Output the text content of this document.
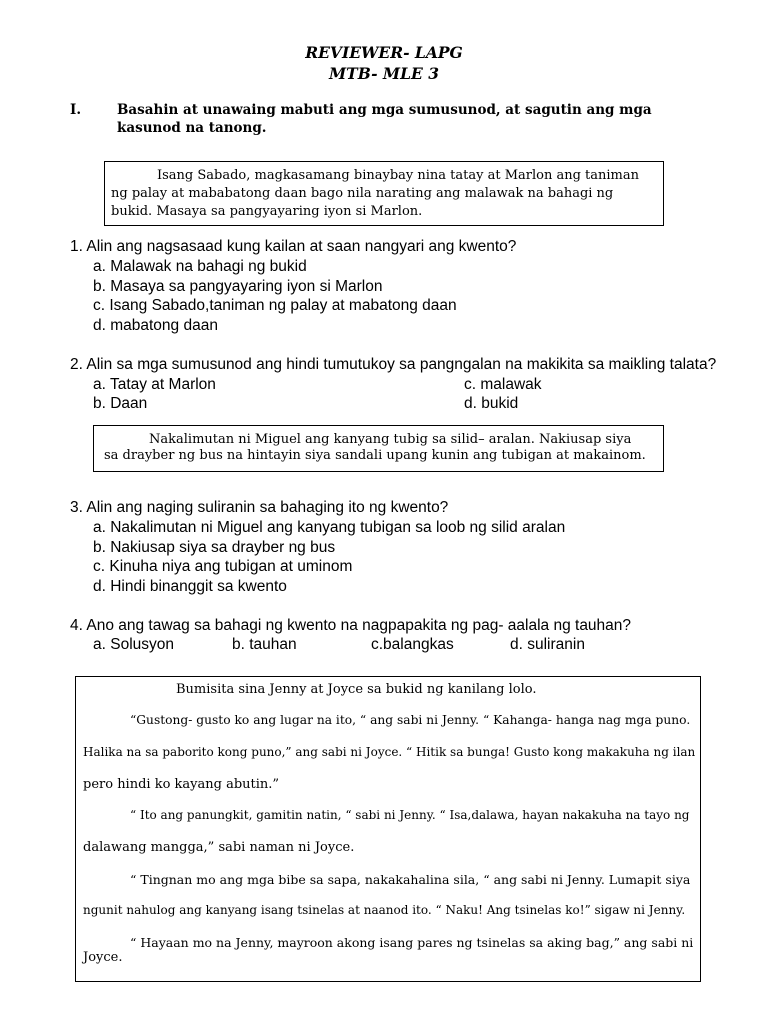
REVIEWER- LAPG
MTB- MLE 3
I.	Basahin at unawaing mabuti ang mga sumusunod, at sagutin ang mga kasunod na tanong.
Isang Sabado, magkasamang binaybay nina tatay at Marlon ang taniman
ng palay at mababatong daan bago nila narating ang malawak na bahagi ng
bukid. Masaya sa pangyayaring iyon si Marlon.
1. Alin ang nagsasaad kung kailan at saan nangyari ang kwento?
a. Malawak na bahagi ng bukid
b. Masaya sa pangyayaring iyon si Marlon
c. Isang Sabado,taniman ng palay at mabatong daan
d. mabatong daan
2. Alin sa mga sumusunod ang hindi tumutukoy sa pangngalan na makikita sa maikling talata?
a. Tatay at Marlon
b. Daan
c. malawak
d. bukid
Nakalimutan ni Miguel ang kanyang tubig sa silid– aralan. Nakiusap siya
sa drayber ng bus na hintayin siya sandali upang kunin ang tubigan at makainom.
3. Alin ang naging suliranin sa bahaging ito ng kwento?
a. Nakalimutan ni Miguel ang kanyang tubigan sa loob ng silid aralan
b. Nakiusap siya sa drayber ng bus
c. Kinuha niya ang tubigan at uminom
d. Hindi binanggit sa kwento
4. Ano ang tawag sa bahagi ng kwento na nagpapakita ng pag- aalala ng tauhan?
a. Solusyon	b. tauhan	c.balangkas	d. suliranin
Bumisita sina Jenny at Joyce sa bukid ng kanilang lolo.
“Gustong- gusto ko ang lugar na ito, “ ang sabi ni Jenny. “ Kahanga- hanga nag mga puno.
Halika na sa paborito kong puno,” ang sabi ni Joyce. “ Hitik sa bunga! Gusto kong makakuha ng ilan
pero hindi ko kayang abutin.”
“ Ito ang panungkit, gamitin natin, “ sabi ni Jenny. “ Isa,dalawa, hayan nakakuha na tayo ng
dalawang mangga,” sabi naman ni Joyce.
“ Tingnan mo ang mga bibe sa sapa, nakakahalina sila, “ ang sabi ni Jenny. Lumapit siya
ngunit nahulog ang kanyang isang tsinelas at naanod ito. “ Naku! Ang tsinelas ko!” sigaw ni Jenny.
“ Hayaan mo na Jenny, mayroon akong isang pares ng tsinelas sa aking bag,” ang sabi ni
Joyce.
